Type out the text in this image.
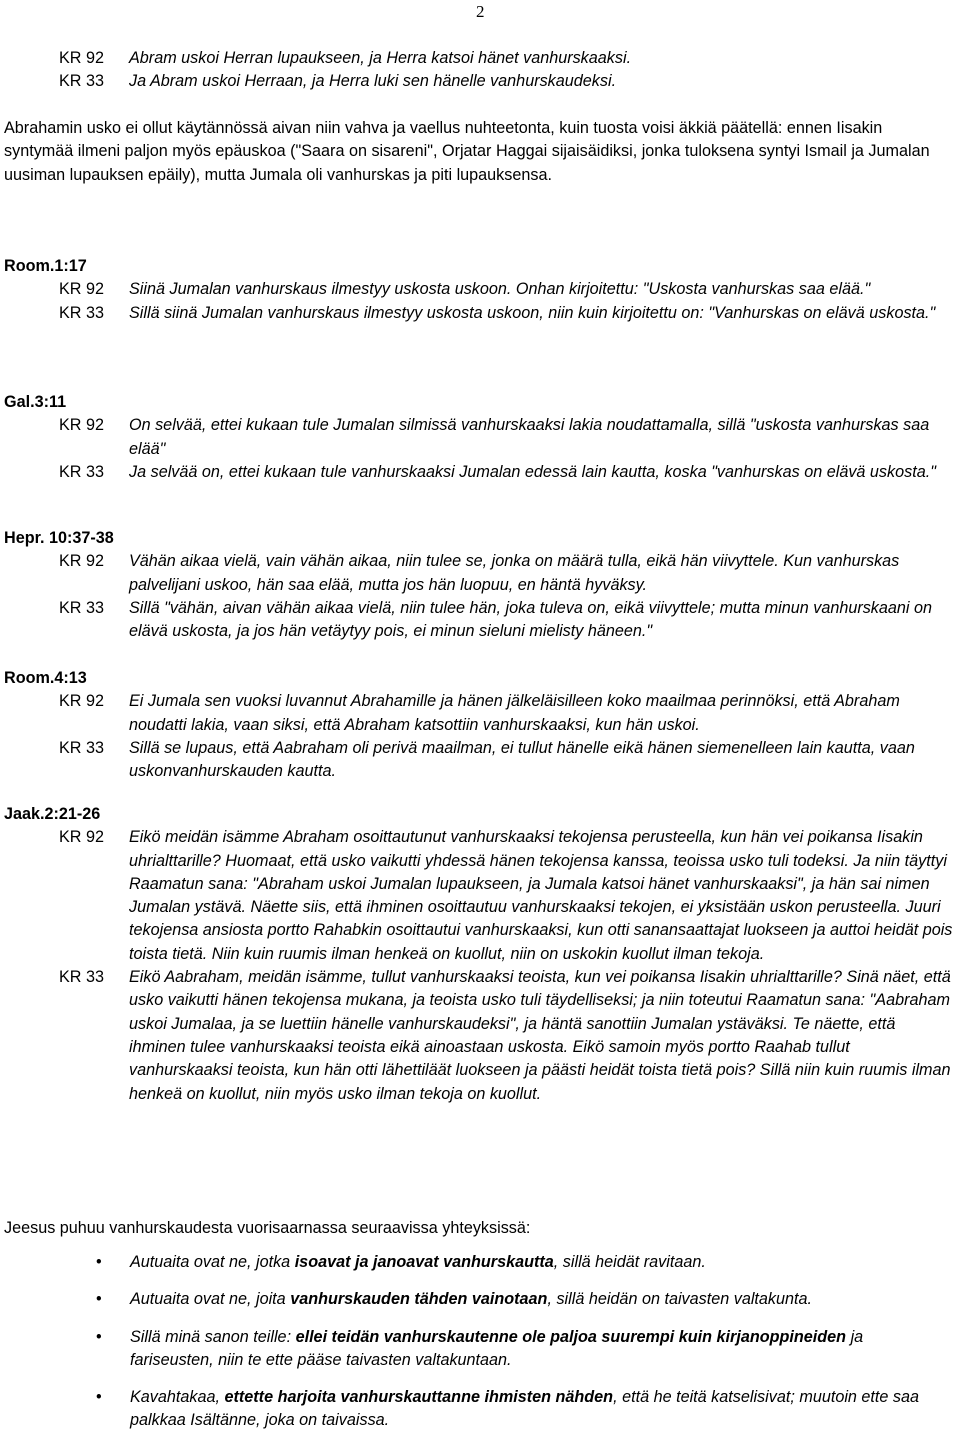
2
KR 92	Abram uskoi Herran lupaukseen, ja Herra katsoi hänet vanhurskaaksi.
KR 33	Ja Abram uskoi Herraan, ja Herra luki sen hänelle vanhurskaudeksi.
Abrahamin usko ei ollut käytännössä aivan niin vahva ja vaellus nuhteetonta, kuin tuosta voisi äkkiä päätellä: ennen Iisakin syntymää ilmeni paljon myös epäuskoa ("Saara on sisareni", Orjatar Haggai sijaisäidiksi, jonka tuloksena syntyi Ismail ja Jumalan uusiman lupauksen epäily), mutta Jumala oli vanhurskas ja piti lupauksensa.
Room.1:17
KR 92	Siinä Jumalan vanhurskaus ilmestyy uskosta uskoon. Onhan kirjoitettu: "Uskosta vanhurskas saa elää."
KR 33	Sillä siinä Jumalan vanhurskaus ilmestyy uskosta uskoon, niin kuin kirjoitettu on: "Vanhurskas on elävä uskosta."
Gal.3:11
KR 92	On selvää, ettei kukaan tule Jumalan silmissä vanhurskaaksi lakia noudattamalla, sillä "uskosta vanhurskas saa elää"
KR 33	Ja selvää on, ettei kukaan tule vanhurskaaksi Jumalan edessä lain kautta, koska "vanhurskas on elävä uskosta."
Hepr. 10:37-38
KR 92	Vähän aikaa vielä, vain vähän aikaa, niin tulee se, jonka on määrä tulla, eikä hän viivyttele. Kun vanhurskas palvelijani uskoo, hän saa elää, mutta jos hän luopuu, en häntä hyväksy.
KR 33	Sillä "vähän, aivan vähän aikaa vielä, niin tulee hän, joka tuleva on, eikä viivyttele; mutta minun vanhurskaani on elävä uskosta, ja jos hän vetäytyy pois, ei minun sieluni mielisty häneen."
Room.4:13
KR 92	Ei Jumala sen vuoksi luvannut Abrahamille ja hänen jälkeläisilleen koko maailmaa perinnöksi, että Abraham noudatti lakia, vaan siksi, että Abraham katsottiin vanhurskaaksi, kun hän uskoi.
KR 33	Sillä se lupaus, että Aabraham oli perivä maailman, ei tullut hänelle eikä hänen siemenelleen lain kautta, vaan uskonvanhurskauden kautta.
Jaak.2:21-26
KR 92	Eikö meidän isämme Abraham osoittautunut vanhurskaaksi tekojensa perusteella, kun hän vei poikansa Iisakin uhrialttarille? Huomaat, että usko vaikutti yhdessä hänen tekojensa kanssa, teoissa usko tuli todeksi. Ja niin täyttyi Raamatun sana: "Abraham uskoi Jumalan lupaukseen, ja Jumala katsoi hänet vanhurskaaksi", ja hän sai nimen Jumalan ystävä. Näette siis, että ihminen osoittautuu vanhurskaaksi tekojen, ei yksistään uskon perusteella. Juuri tekojensa ansiosta portto Rahabkin osoittautui vanhurskaaksi, kun otti sanansaattajat luokseen ja auttoi heidät pois toista tietä. Niin kuin ruumis ilman henkeä on kuollut, niin on uskokin kuollut ilman tekoja.
KR 33	Eikö Aabraham, meidän isämme, tullut vanhurskaaksi teoista, kun vei poikansa Iisakin uhrialttarille? Sinä näet, että usko vaikutti hänen tekojensa mukana, ja teoista usko tuli täydelliseksi; ja niin toteutui Raamatun sana: "Aabraham uskoi Jumalaa, ja se luettiin hänelle vanhurskaudeksi", ja häntä sanottiin Jumalan ystäväksi. Te näette, että ihminen tulee vanhurskaaksi teoista eikä ainoastaan uskosta. Eikö samoin myös portto Raahab tullut vanhurskaaksi teoista, kun hän otti lähettiläät luokseen ja päästi heidät toista tietä pois? Sillä niin kuin ruumis ilman henkeä on kuollut, niin myös usko ilman tekoja on kuollut.
Jeesus puhuu vanhurskaudesta vuorisaarnassa seuraavissa yhteyksissä:
• Autuaita ovat ne, jotka isoavat ja janoavat vanhurskautta, sillä heidät ravitaan.
• Autuaita ovat ne, joita vanhurskauden tähden vainotaan, sillä heidän on taivasten valtakunta.
• Sillä minä sanon teille: ellei teidän vanhurskautenne ole paljoa suurempi kuin kirjanoppineiden ja fariseusten, niin te ette pääse taivasten valtakuntaan.
• Kavahtakaa, ettette harjoita vanhurskauttanne ihmisten nähden, että he teitä katselisivat; muutoin ette saa palkkaa Isältänne, joka on taivaissa.
